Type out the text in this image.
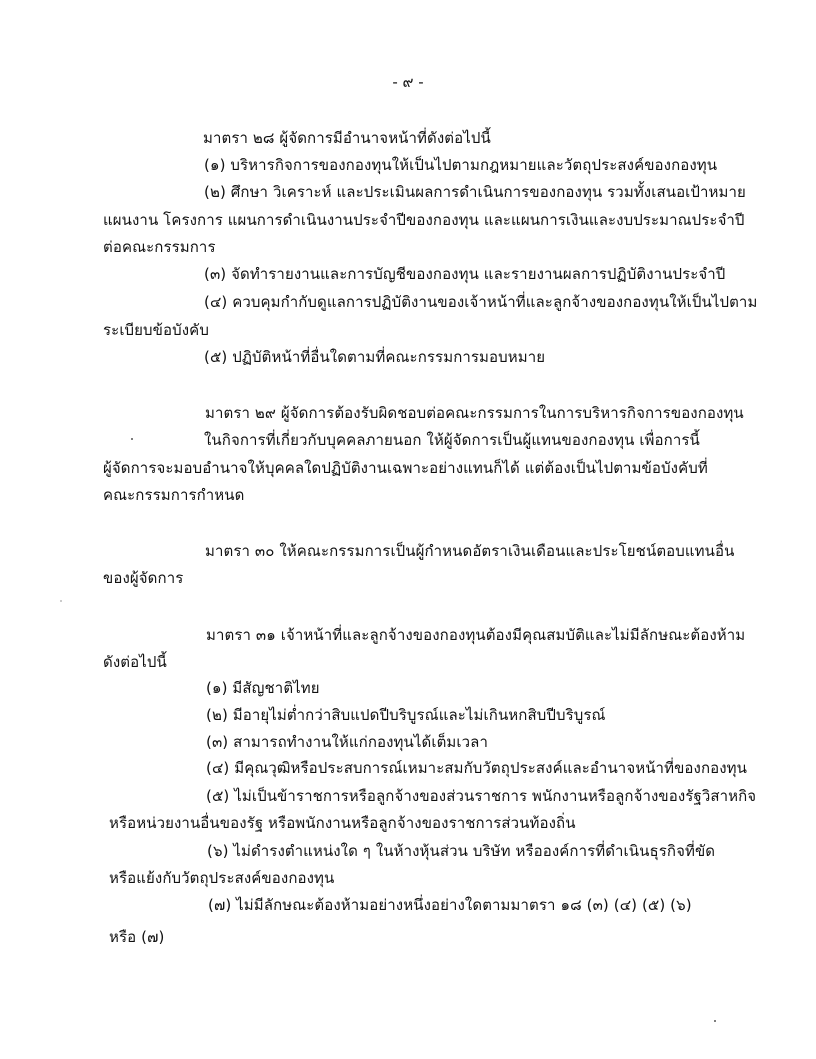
- ๙ -
มาตรา ๒๘ ผู้จัดการมีอำนาจหน้าที่ดังต่อไปนี้
(๑) บริหารกิจการของกองทุนให้เป็นไปตามกฎหมายและวัตถุประสงค์ของกองทุน
(๒) ศึกษา วิเคราะห์ และประเมินผลการดำเนินการของกองทุน รวมทั้งเสนอเป้าหมาย
แผนงาน โครงการ แผนการดำเนินงานประจำปีของกองทุน และแผนการเงินและงบประมาณประจำปี
ต่อคณะกรรมการ
(๓) จัดทำรายงานและการบัญชีของกองทุน และรายงานผลการปฏิบัติงานประจำปี
(๔) ควบคุมกำกับดูแลการปฏิบัติงานของเจ้าหน้าที่และลูกจ้างของกองทุนให้เป็นไปตาม
ระเบียบข้อบังคับ
(๕) ปฏิบัติหน้าที่อื่นใดตามที่คณะกรรมการมอบหมาย
มาตรา ๒๙ ผู้จัดการต้องรับผิดชอบต่อคณะกรรมการในการบริหารกิจการของกองทุน
ในกิจการที่เกี่ยวกับบุคคลภายนอก ให้ผู้จัดการเป็นผู้แทนของกองทุน เพื่อการนี้
ผู้จัดการจะมอบอำนาจให้บุคคลใดปฏิบัติงานเฉพาะอย่างแทนก็ได้ แต่ต้องเป็นไปตามข้อบังคับที่
คณะกรรมการกำหนด
มาตรา ๓๐ ให้คณะกรรมการเป็นผู้กำหนดอัตราเงินเดือนและประโยชน์ตอบแทนอื่น
ของผู้จัดการ
มาตรา ๓๑ เจ้าหน้าที่และลูกจ้างของกองทุนต้องมีคุณสมบัติและไม่มีลักษณะต้องห้าม
ดังต่อไปนี้
(๑) มีสัญชาติไทย
(๒) มีอายุไม่ต่ำกว่าสิบแปดปีบริบูรณ์และไม่เกินหกสิบปีบริบูรณ์
(๓) สามารถทำงานให้แก่กองทุนได้เต็มเวลา
(๔) มีคุณวุฒิหรือประสบการณ์เหมาะสมกับวัตถุประสงค์และอำนาจหน้าที่ของกองทุน
(๕) ไม่เป็นข้าราชการหรือลูกจ้างของส่วนราชการ พนักงานหรือลูกจ้างของรัฐวิสาหกิจ
หรือหน่วยงานอื่นของรัฐ หรือพนักงานหรือลูกจ้างของราชการส่วนท้องถิ่น
(๖) ไม่ดำรงตำแหน่งใด ๆ ในห้างหุ้นส่วน บริษัท หรือองค์การที่ดำเนินธุรกิจที่ขัด
หรือแย้งกับวัตถุประสงค์ของกองทุน
(๗) ไม่มีลักษณะต้องห้ามอย่างหนึ่งอย่างใดตามมาตรา ๑๘ (๓) (๔) (๕) (๖)
หรือ (๗)
